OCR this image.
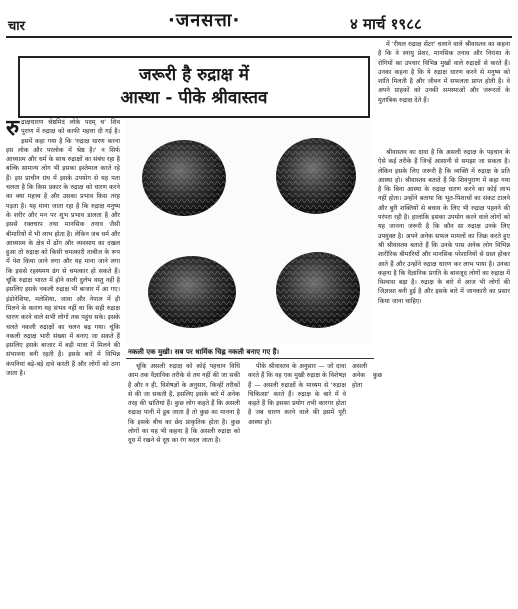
चार	·जनसत्ता·	४ मार्च १९८८
जरूरी है रुद्राक्ष में
आस्था - पीके श्रीवास्तव

में 'रीयल रुद्राक्ष सेंटर' चलाने वाले श्रीवास्तव का कहना है कि वे स्नायु प्रेशर, मानसिक तनाव और निराशा के रोगियों का उपचार विभिन्न मुखों वाले रुद्राक्षों से करते हैं। उनका कहना है कि ये रुद्राक्ष धारण करने से मनुष्य को शांति मिलती है और जीवन में सफलता प्राप्त होती है। वे अपने ग्राहकों को उनकी समस्याओं और जरूरतों के मुताबिक रुद्राक्ष देते हैं।

रु द्राक्षधारण श्रेष्ठमिदं लोके पदम्‌ च' शिव पुराण में रुद्राक्ष को काफी महत्ता दी गई है। इसमें कहा गया है कि 'रुद्राक्ष धारण करना इस लोक और परलोक में श्रेष्ठ है।' न सिर्फ आध्यात्म और धर्म के साथ रुद्राक्षों का संबंध रहा है बल्कि सामान्य लोग भी इसका इस्तेमाल करते रहे हैं। इस प्राचीन ग्रंथ में इसके उपयोग से यह पता चलता है कि किस प्रकार के रुद्राक्ष को धारण करने का क्या महत्त्व है और उसका प्रभाव किस तरह पड़ता है। यह माना जाता रहा है कि रुद्राक्ष मनुष्य के शरीर और मन पर शुभ प्रभाव डालता है और इससे रक्तचाप तथा मानसिक तनाव जैसी बीमारियों में भी लाभ होता है। लेकिन जब धर्म और आध्यात्म के क्षेत्र में ढोंग और व्यवसाय का दखल हुआ तो रुद्राक्ष को किसी चमत्कारी ताबीज के रूप में पेश किया जाने लगा और यह माना जाने लगा कि इससे रहस्यमय ढंग से चमत्कार हो सकते हैं। चूंकि रुद्राक्ष भारत में होने वाली दुर्लभ वस्तु नहीं है इसलिए इसके नकली रुद्राक्ष भी बाजार में आ गए। इंडोनेशिया, मलेशिया, जावा और नेपाल में ही मिलने के कारण यह संभव नहीं था कि सही रुद्राक्ष धारण करने वाले सभी लोगों तक पहुंच सके। इसके चलते नकली रुद्राक्षों का चलन बढ़ गया। चूंकि नकली रुद्राक्ष भारी संख्या में बनाए जा सकते हैं इसलिए इसके बाजार में बड़ी मात्रा में मिलने की संभावना बनी रहती है। इसके बारे में विभिन्न कंपनियां बड़े-बड़े दावे करती हैं और लोगों को ठगा जाता है।
नकली एक मुखी। सब पर धार्मिक चिह्न नकली बनाए गए हैं।

चूंकि असली रुद्राक्ष को कोई पहचान विधि आम तक वैज्ञानिक तरीके से तय नहीं की जा सकी है और न ही, विशेषज्ञों के अनुसार, किन्हीं तरीकों से की जा सकती है, इसलिए इसके बारे में अनेक तरह की भ्रांतियां हैं। कुछ लोग कहते हैं कि असली रुद्राक्ष पानी में डूब जाता है तो कुछ का मानना है कि इसके बीच का छेद प्राकृतिक होता है। कुछ लोगों का यह भी कहना है कि असली रुद्राक्ष को दूध में रखने से दूध का रंग बदल जाता है।

पीके श्रीवास्तव के अनुसार — जो दावा करते हैं कि वह एक मुखी रुद्राक्ष के विशेषज्ञ हैं — असली रुद्राक्षों के माध्यम से 'रुद्राक्ष चिकित्सा' करते हैं। रुद्राक्ष के बारे में वे कहते हैं कि इसका प्रयोग तभी कारगर होता है जब धारण करने वाले की इसमें पूरी आस्था हो।

असली अनेक कुछ होता

श्रीवास्तव का दावा है कि असली रुद्राक्ष के पहचान के ऐसे कई तरीके हैं जिन्हें आसानी से समझा जा सकता है। लेकिन इसके लिए जरूरी है कि व्यक्ति में रुद्राक्ष के प्रति आस्था हो। श्रीवास्तव बताते हैं कि शिवपुराण में कहा गया है कि बिना आस्था के रुद्राक्ष धारण करने का कोई लाभ नहीं होता। उन्होंने बताया कि भूत-पिशाचों का संकट टालने और बुरी शक्तियों से बचाव के लिए भी रुद्राक्ष पहनने की परंपरा रही है। हालांकि इसका उपयोग करने वाले लोगों को यह जानना जरूरी है कि कौन सा रुद्राक्ष उनके लिए उपयुक्त है। अपने अनेक सफल मामलों का जिक्र करते हुए श्री श्रीवास्तव बताते हैं कि उनके पास अनेक लोग विभिन्न शारीरिक बीमारियों और मानसिक परेशानियों से ग्रस्त होकर आते हैं और उन्होंने रुद्राक्ष धारण कर लाभ पाया है। उनका कहना है कि वैज्ञानिक प्रगति के बावजूद लोगों का रुद्राक्ष में विश्वास बढ़ा है। रुद्राक्ष के बारे में आज भी लोगों की जिज्ञासा बनी हुई है और इसके बारे में जानकारी का प्रसार किया जाना चाहिए।
